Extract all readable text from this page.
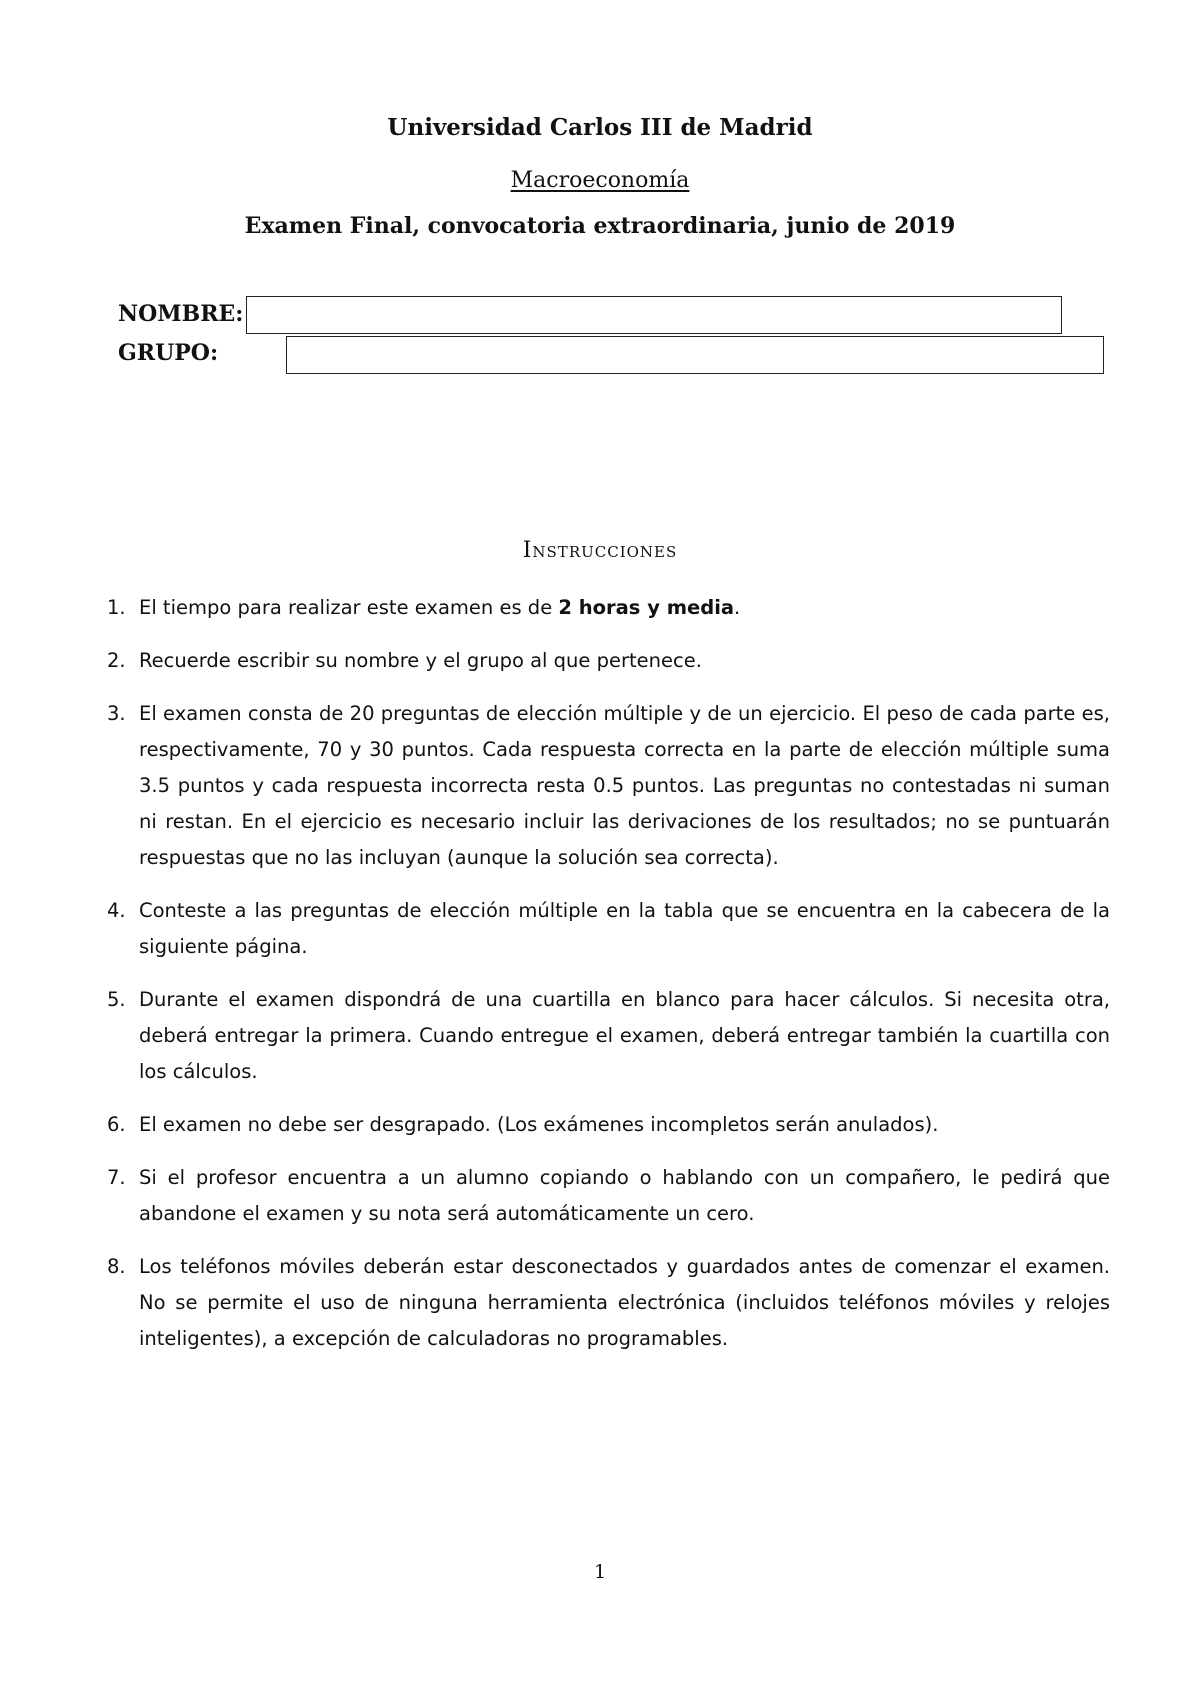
Universidad Carlos III de Madrid
Macroeconomía
Examen Final, convocatoria extraordinaria, junio de 2019
NOMBRE:
GRUPO:
Instrucciones
1. El tiempo para realizar este examen es de 2 horas y media.
2. Recuerde escribir su nombre y el grupo al que pertenece.
3. El examen consta de 20 preguntas de elección múltiple y de un ejercicio. El peso de cada parte es, respectivamente, 70 y 30 puntos. Cada respuesta correcta en la parte de elección múltiple suma 3.5 puntos y cada respuesta incorrecta resta 0.5 puntos. Las preguntas no contestadas ni suman ni restan. En el ejercicio es necesario incluir las derivaciones de los resultados; no se puntuarán respuestas que no las incluyan (aunque la solución sea correcta).
4. Conteste a las preguntas de elección múltiple en la tabla que se encuentra en la cabecera de la siguiente página.
5. Durante el examen dispondrá de una cuartilla en blanco para hacer cálculos. Si necesita otra, deberá entregar la primera. Cuando entregue el examen, deberá entregar también la cuartilla con los cálculos.
6. El examen no debe ser desgrapado. (Los exámenes incompletos serán anulados).
7. Si el profesor encuentra a un alumno copiando o hablando con un compañero, le pedirá que abandone el examen y su nota será automáticamente un cero.
8. Los teléfonos móviles deberán estar desconectados y guardados antes de comenzar el examen. No se permite el uso de ninguna herramienta electrónica (incluidos teléfonos móviles y relojes inteligentes), a excepción de calculadoras no programables.
1
